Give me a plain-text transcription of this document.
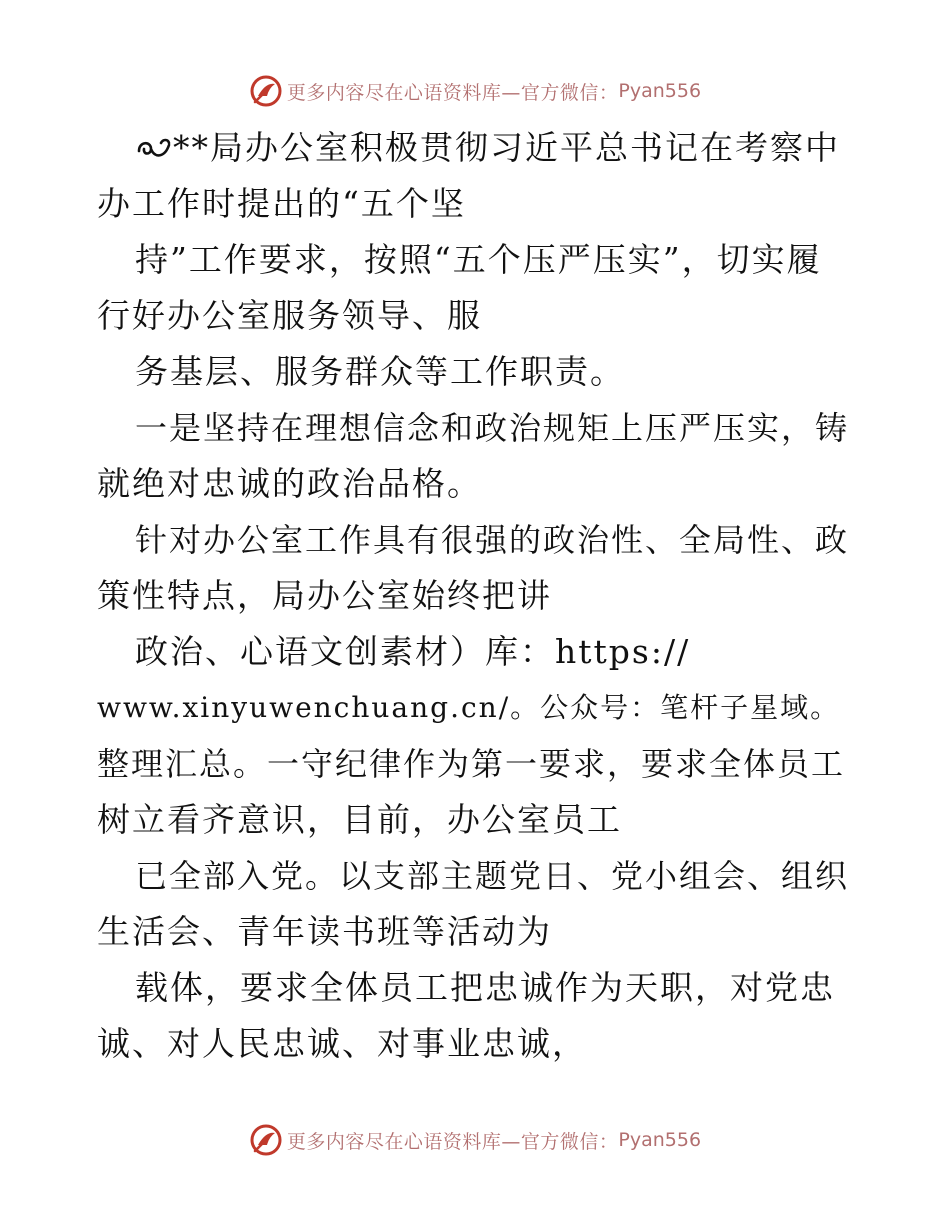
更多内容尽在心语资料库—官方微信： Pyan556
**局办公室积极贯彻习近平总书记在考察中
办工作时提出的“五个坚
持”工作要求，按照“五个压严压实”，切实履
行好办公室服务领导、服
务基层、服务群众等工作职责。
一是坚持在理想信念和政治规矩上压严压实，铸
就绝对忠诚的政治品格。
针对办公室工作具有很强的政治性、全局性、政
策性特点，局办公室始终把讲
政治、心语文创素材）库：https://
www.xinyuwenchuang.cn/。公众号：笔杆子星域。
整理汇总。一守纪律作为第一要求，要求全体员工
树立看齐意识，目前，办公室员工
已全部入党。以支部主题党日、党小组会、组织
生活会、青年读书班等活动为
载体，要求全体员工把忠诚作为天职，对党忠
诚、对人民忠诚、对事业忠诚，
更多内容尽在心语资料库—官方微信： Pyan556
